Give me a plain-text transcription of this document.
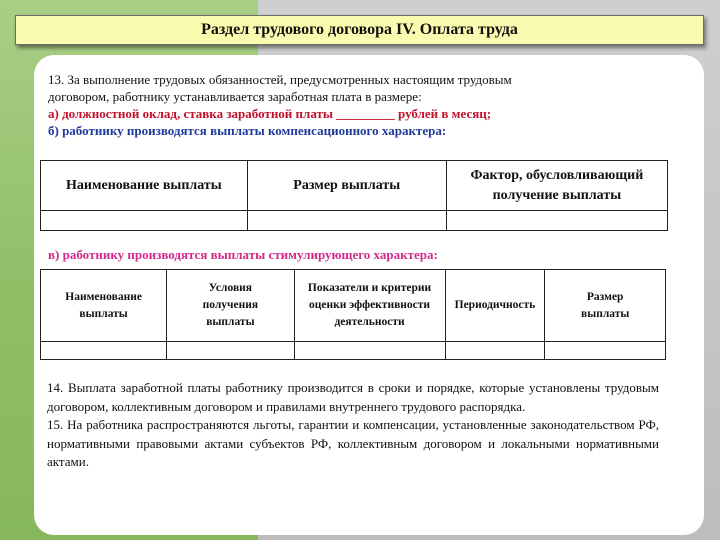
Раздел трудового договора IV. Оплата труда
13. За выполнение трудовых обязанностей, предусмотренных настоящим трудовым
договором, работнику устанавливается заработная плата в размере:
а) должностной оклад, ставка заработной платы _________ рублей в месяц;
б) работнику производятся выплаты компенсационного характера:
Наименование выплаты	Размер выплаты	Фактор, обусловливающий получение выплаты

в) работнику производятся выплаты стимулирующего характера:
Наименование выплаты	Условия получения выплаты	Показатели и критерии оценки эффективности деятельности	Периодичность	Размер выплаты

14. Выплата заработной платы работнику производится в сроки и порядке, которые установлены трудовым договором, коллективным договором и правилами внутреннего трудового распорядка.
15. На работника распространяются льготы, гарантии и компенсации, установленные законодательством РФ, нормативными правовыми актами субъектов РФ, коллективным договором и локальными нормативными актами.
